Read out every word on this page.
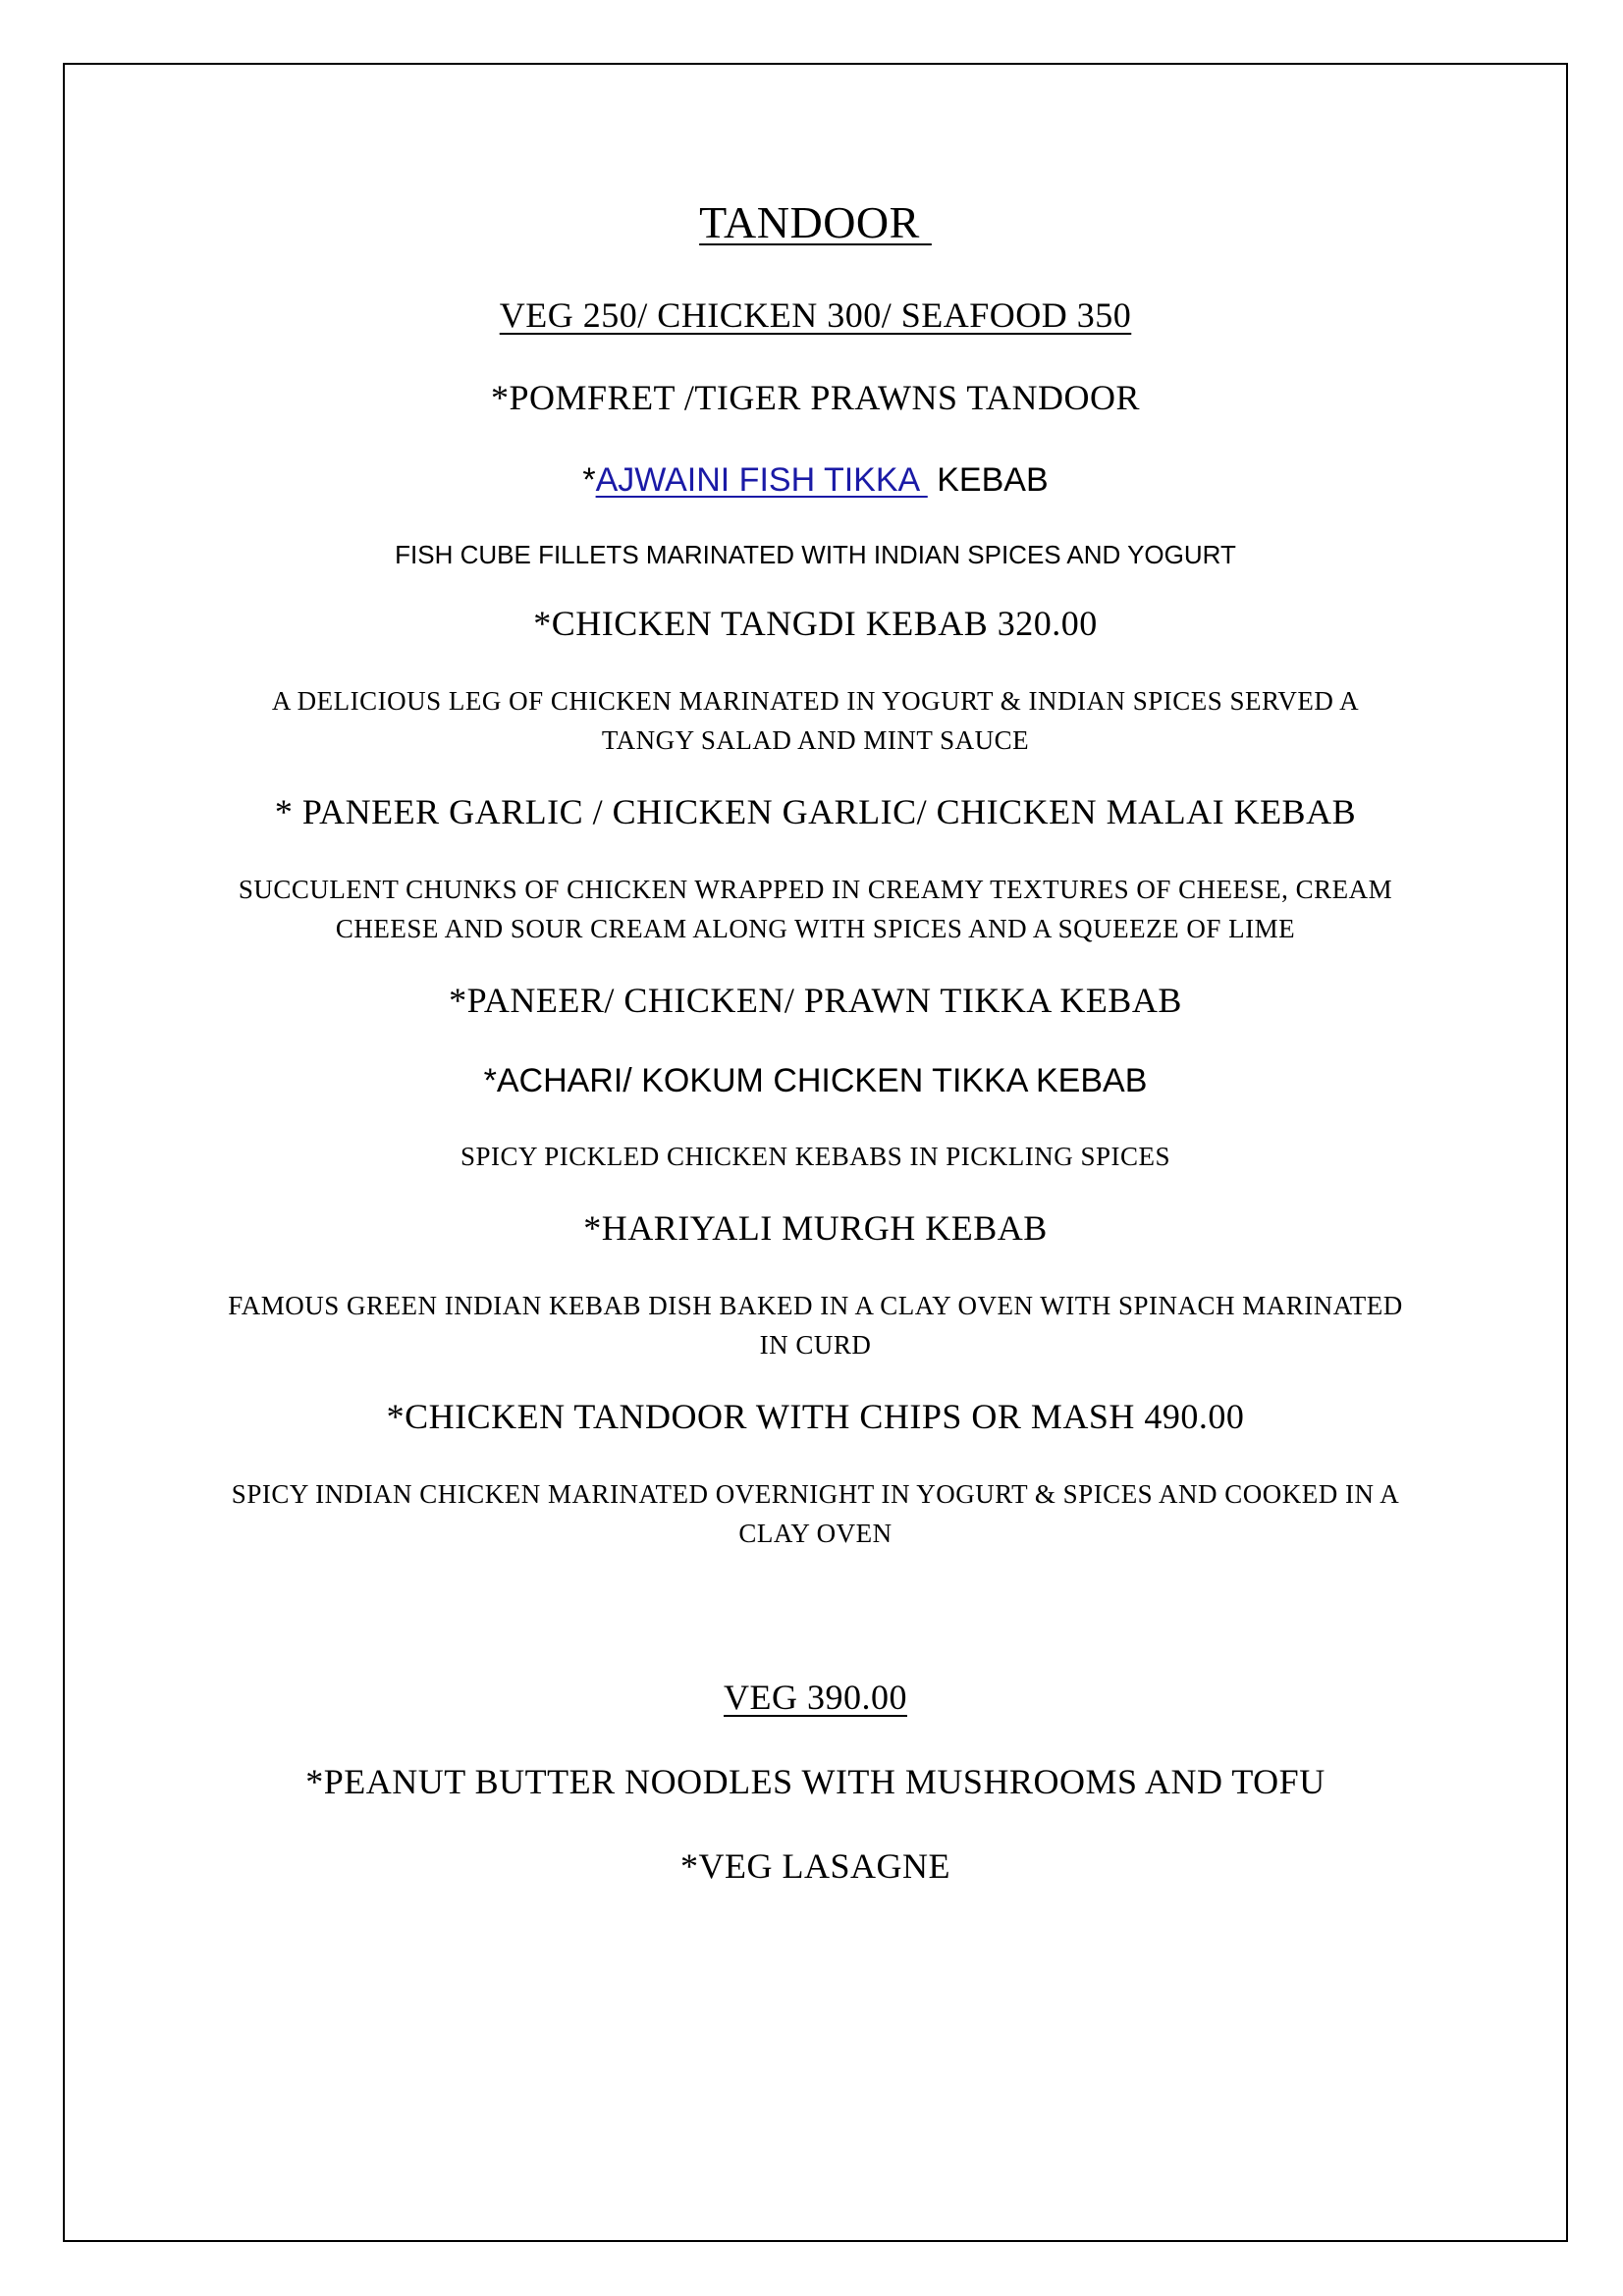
TANDOOR
VEG 250/ CHICKEN 300/ SEAFOOD 350
*POMFRET /TIGER PRAWNS TANDOOR
*AJWAINI FISH TIKKA  KEBAB
FISH CUBE FILLETS MARINATED WITH INDIAN SPICES AND YOGURT
*CHICKEN TANGDI KEBAB 320.00
A DELICIOUS LEG OF CHICKEN MARINATED IN YOGURT & INDIAN SPICES SERVED A
TANGY SALAD AND MINT SAUCE
* PANEER GARLIC / CHICKEN GARLIC/ CHICKEN MALAI KEBAB
SUCCULENT CHUNKS OF CHICKEN WRAPPED IN CREAMY TEXTURES OF CHEESE, CREAM
CHEESE AND SOUR CREAM ALONG WITH SPICES AND A SQUEEZE OF LIME
*PANEER/ CHICKEN/ PRAWN TIKKA KEBAB
*ACHARI/ KOKUM CHICKEN TIKKA KEBAB
SPICY PICKLED CHICKEN KEBABS IN PICKLING SPICES
*HARIYALI MURGH KEBAB
FAMOUS GREEN INDIAN KEBAB DISH BAKED IN A CLAY OVEN WITH SPINACH MARINATED
IN CURD
*CHICKEN TANDOOR WITH CHIPS OR MASH 490.00
SPICY INDIAN CHICKEN MARINATED OVERNIGHT IN YOGURT & SPICES AND COOKED IN A
CLAY OVEN
VEG 390.00
*PEANUT BUTTER NOODLES WITH MUSHROOMS AND TOFU
*VEG LASAGNE
